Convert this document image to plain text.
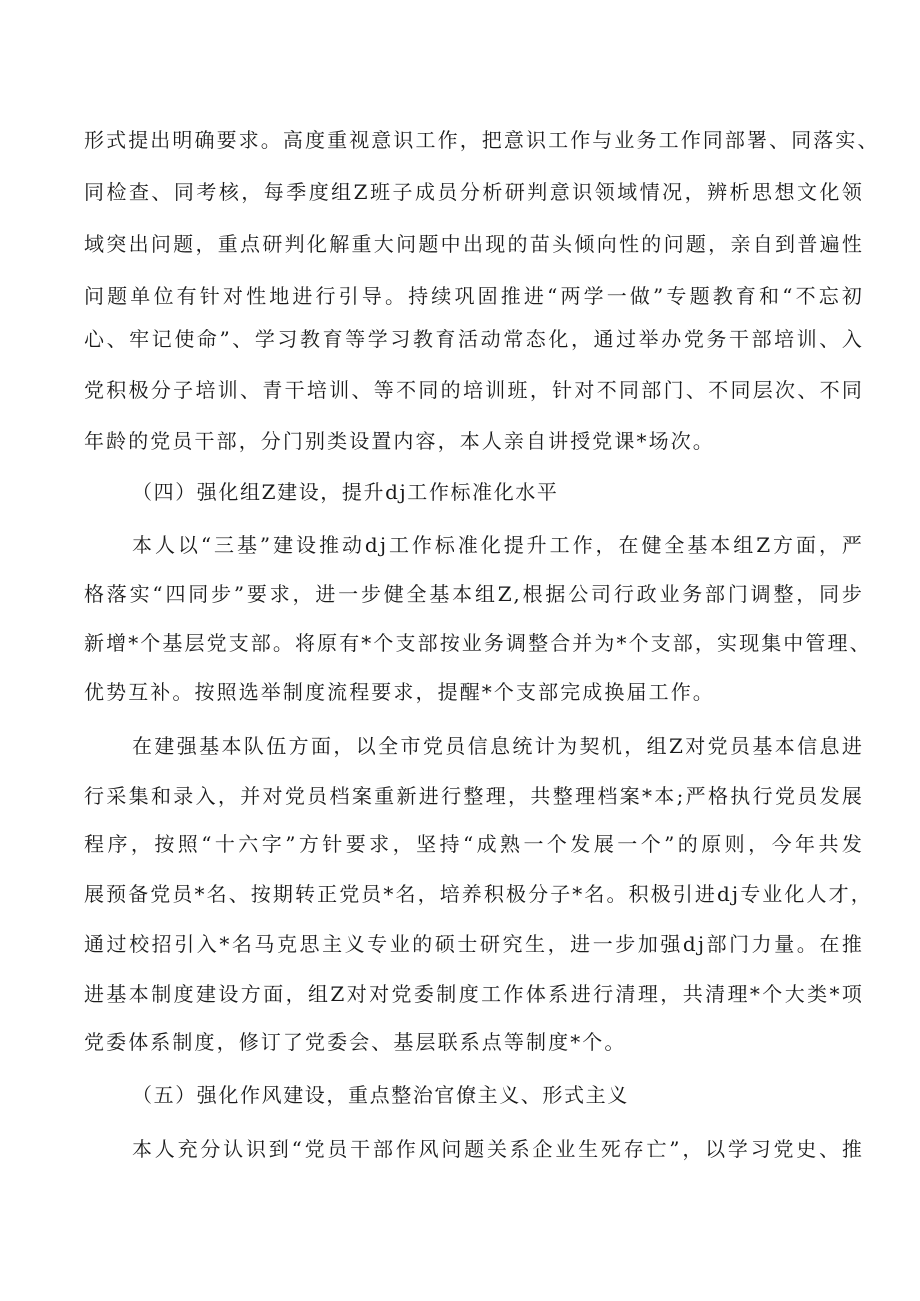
形式提出明确要求。高度重视意识工作，把意识工作与业务工作同部署、同落实、
同检查、同考核，每季度组Z班子成员分析研判意识领域情况，辨析思想文化领
域突出问题，重点研判化解重大问题中出现的苗头倾向性的问题，亲自到普遍性
问题单位有针对性地进行引导。持续巩固推进“两学一做”专题教育和“不忘初
心、牢记使命”、学习教育等学习教育活动常态化，通过举办党务干部培训、入
党积极分子培训、青干培训、等不同的培训班，针对不同部门、不同层次、不同
年龄的党员干部，分门别类设置内容，本人亲自讲授党课*场次。
（四）强化组Z建设，提升dj工作标准化水平
本人以“三基”建设推动dj工作标准化提升工作，在健全基本组Z方面，严
格落实“四同步”要求，进一步健全基本组Z,根据公司行政业务部门调整，同步
新增*个基层党支部。将原有*个支部按业务调整合并为*个支部，实现集中管理、
优势互补。按照选举制度流程要求，提醒*个支部完成换届工作。
在建强基本队伍方面，以全市党员信息统计为契机，组Z对党员基本信息进
行采集和录入，并对党员档案重新进行整理，共整理档案*本;严格执行党员发展
程序，按照“十六字”方针要求，坚持“成熟一个发展一个”的原则，今年共发
展预备党员*名、按期转正党员*名，培养积极分子*名。积极引进dj专业化人才，
通过校招引入*名马克思主义专业的硕士研究生，进一步加强dj部门力量。在推
进基本制度建设方面，组Z对对党委制度工作体系进行清理，共清理*个大类*项
党委体系制度，修订了党委会、基层联系点等制度*个。
（五）强化作风建设，重点整治官僚主义、形式主义
本人充分认识到“党员干部作风问题关系企业生死存亡”，以学习党史、推
